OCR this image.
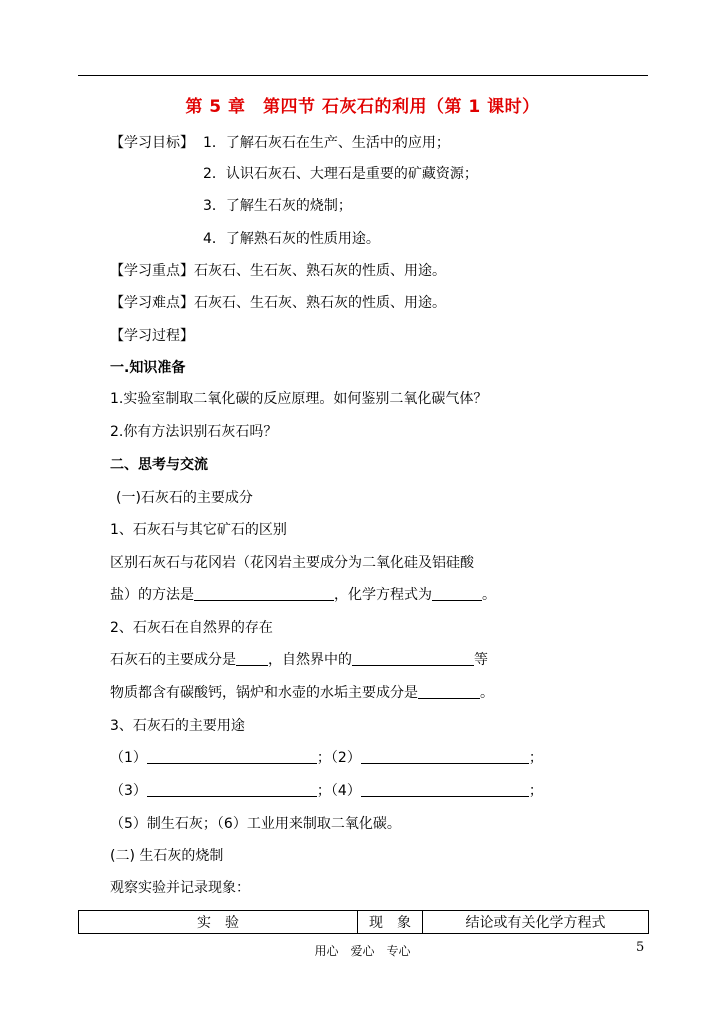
第 5 章　第四节 石灰石的利用（第 1 课时）
【学习目标】 1．了解石灰石在生产、生活中的应用；
2．认识石灰石、大理石是重要的矿藏资源；
3．了解生石灰的烧制；
4．了解熟石灰的性质用途。
【学习重点】石灰石、生石灰、熟石灰的性质、用途。
【学习难点】石灰石、生石灰、熟石灰的性质、用途。
【学习过程】
一.知识准备
1.实验室制取二氧化碳的反应原理。如何鉴别二氧化碳气体？
2.你有方法识别石灰石吗？
二、思考与交流
(一)石灰石的主要成分
1、石灰石与其它矿石的区别
区别石灰石与花冈岩（花冈岩主要成分为二氧化硅及铝硅酸
盐）的方法是	，化学方程式为	。
2、石灰石在自然界的存在
石灰石的主要成分是 ，自然界中的	等
物质都含有碳酸钙，锅炉和水壶的水垢主要成分是	。
3、石灰石的主要用途
（1）	；（2）	；
（3）	；（4）	；
（5）制生石灰；（6）工业用来制取二氧化碳。
(二) 生石灰的烧制
观察实验并记录现象：
实　验	现　象	结论或有关化学方程式
用心　爱心　专心	5
